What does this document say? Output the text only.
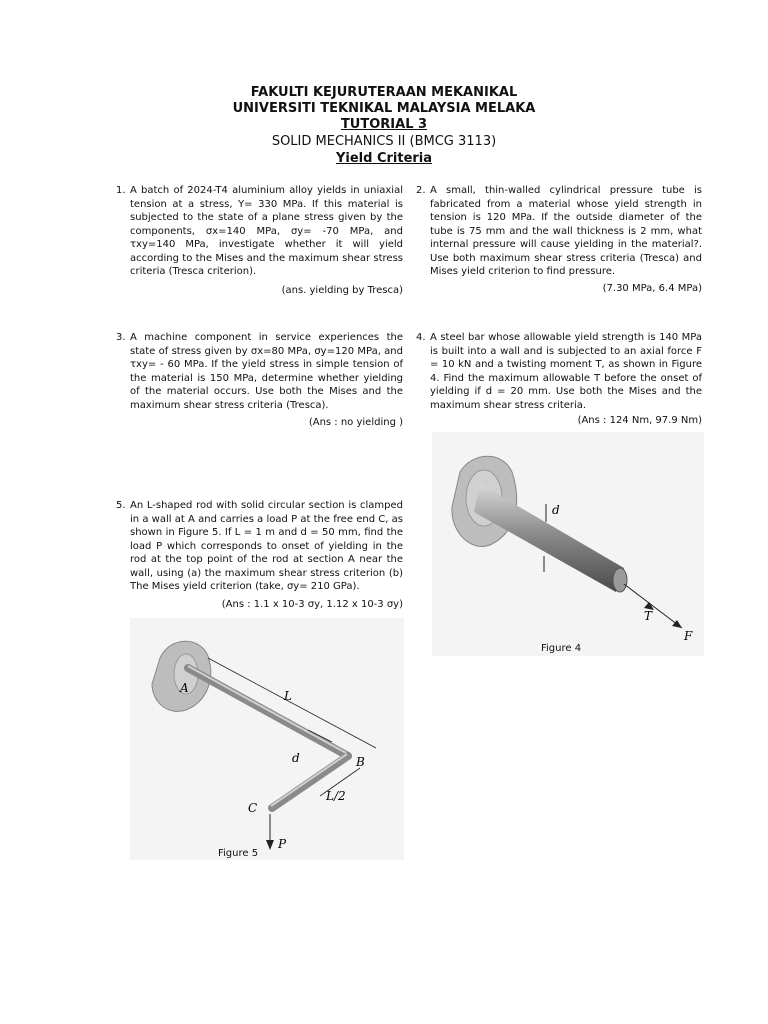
FAKULTI KEJURUTERAAN MEKANIKAL
UNIVERSITI TEKNIKAL MALAYSIA MELAKA
TUTORIAL 3
SOLID MECHANICS II (BMCG 3113)
Yield Criteria
1. A batch of 2024-T4 aluminium alloy yields in uniaxial tension at a stress, Y= 330 MPa. If this material is subjected to the state of a plane stress given by the components, σx=140 MPa, σy= -70 MPa, and τxy=140 MPa, investigate whether it will yield according to the Mises and the maximum shear stress criteria (Tresca criterion).
(ans. yielding by Tresca)
2. A small, thin-walled cylindrical pressure tube is fabricated from a material whose yield strength in tension is 120 MPa. If the outside diameter of the tube is 75 mm and the wall thickness is 2 mm, what internal pressure will cause yielding in the material?. Use both maximum shear stress criteria (Tresca) and Mises yield criterion to find pressure.
(7.30 MPa, 6.4 MPa)
3. A machine component in service experiences the state of stress given by σx=80 MPa, σy=120 MPa, and τxy= - 60 MPa. If the yield stress in simple tension of the material is 150 MPa, determine whether yielding of the material occurs. Use both the Mises and the maximum shear stress criteria (Tresca).
(Ans : no yielding )
4. A steel bar whose allowable yield strength is 140 MPa is built into a wall and is subjected to an axial force F = 10 kN and a twisting moment T, as shown in Figure 4. Find the maximum allowable T before the onset of yielding if d = 20 mm. Use both the Mises and the maximum shear stress criteria.
(Ans : 124 Nm, 97.9 Nm)
5. An L-shaped rod with solid circular section is clamped in a wall at A and carries a load P at the free end C, as shown in Figure 5. If L = 1 m and d = 50 mm, find the load P which corresponds to onset of yielding in the rod at the top point of the rod at section A near the wall, using (a) the maximum shear stress criterion (b) The Mises yield criterion (take, σy= 210 GPa).
(Ans : 1.1 x 10-3 σy, 1.12 x 10-3 σy)
d
T
F
Figure 4
A
L
d	B
L/2
C
P
Figure 5
